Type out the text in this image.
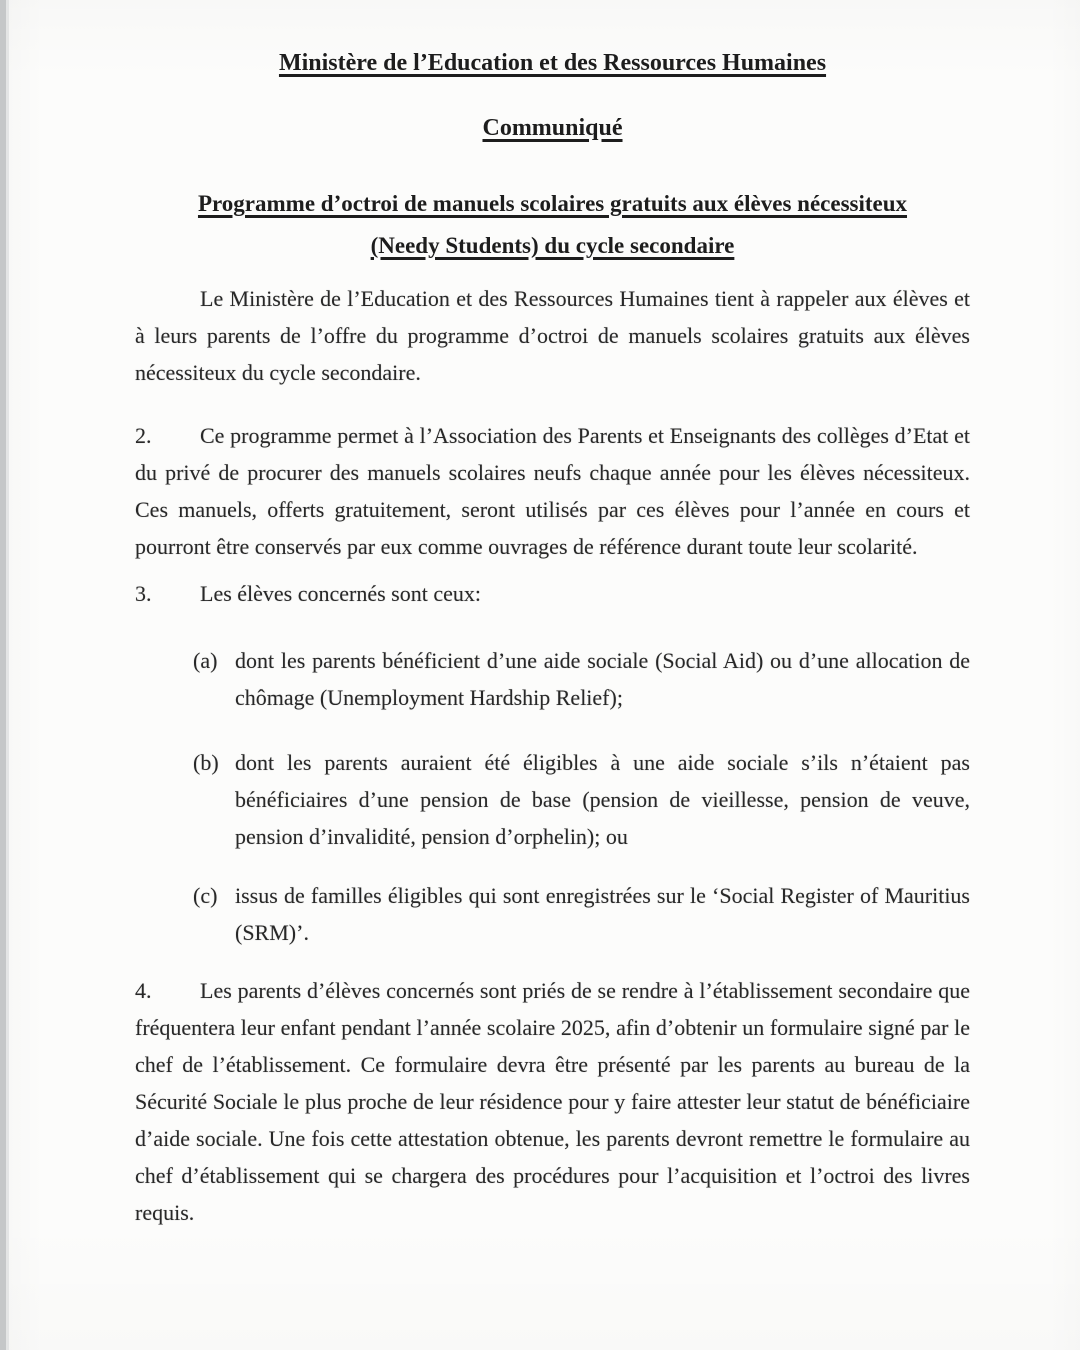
Ministère de l’Education et des Ressources Humaines
Communiqué
Programme d’octroi de manuels scolaires gratuits aux élèves nécessiteux
(Needy Students) du cycle secondaire

Le Ministère de l’Education et des Ressources Humaines tient à rappeler aux élèves et à leurs parents de l’offre du programme d’octroi de manuels scolaires gratuits aux élèves nécessiteux du cycle secondaire.

2. Ce programme permet à l’Association des Parents et Enseignants des collèges d’Etat et du privé de procurer des manuels scolaires neufs chaque année pour les élèves nécessiteux. Ces manuels, offerts gratuitement, seront utilisés par ces élèves pour l’année en cours et pourront être conservés par eux comme ouvrages de référence durant toute leur scolarité.

3. Les élèves concernés sont ceux:

(a) dont les parents bénéficient d’une aide sociale (Social Aid) ou d’une allocation de chômage (Unemployment Hardship Relief);
(b) dont les parents auraient été éligibles à une aide sociale s’ils n’étaient pas bénéficiaires d’une pension de base (pension de vieillesse, pension de veuve, pension d’invalidité, pension d’orphelin); ou
(c) issus de familles éligibles qui sont enregistrées sur le ‘Social Register of Mauritius (SRM)’.

4. Les parents d’élèves concernés sont priés de se rendre à l’établissement secondaire que fréquentera leur enfant pendant l’année scolaire 2025, afin d’obtenir un formulaire signé par le chef de l’établissement. Ce formulaire devra être présenté par les parents au bureau de la Sécurité Sociale le plus proche de leur résidence pour y faire attester leur statut de bénéficiaire d’aide sociale. Une fois cette attestation obtenue, les parents devront remettre le formulaire au chef d’établissement qui se chargera des procédures pour l’acquisition et l’octroi des livres requis.
